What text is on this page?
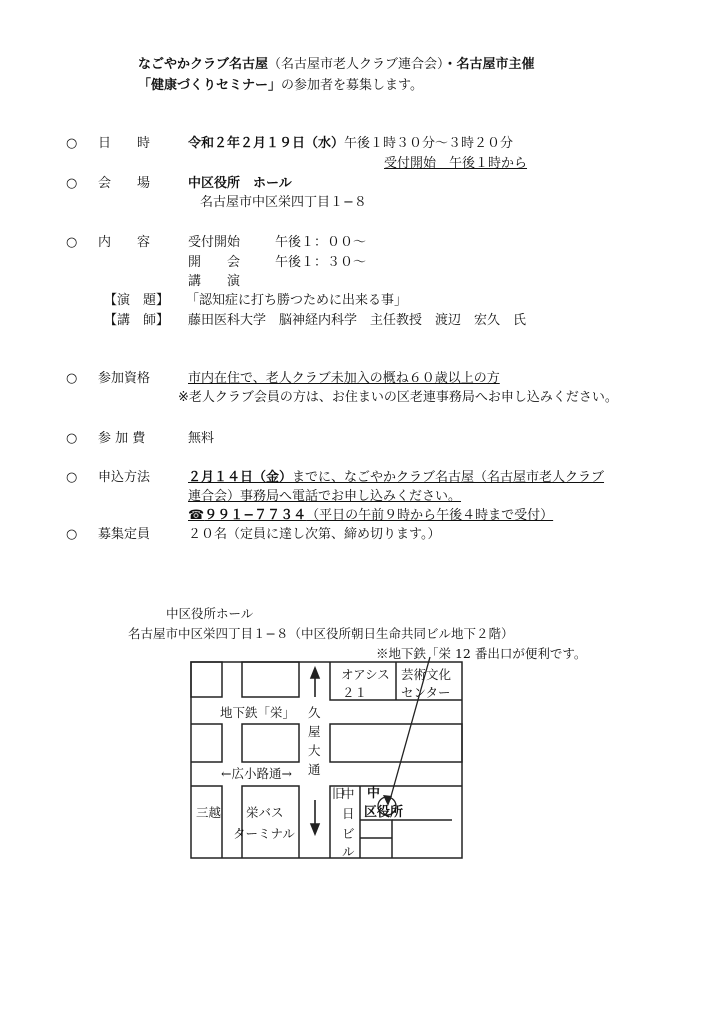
なごやかクラブ名古屋（名古屋市老人クラブ連合会）・名古屋市主催
「健康づくりセミナー」の参加者を募集します。
○ 日　　時	令和２年２月１９日（水）午後１時３０分〜３時２０分
受付開始　午後１時から
○ 会　　場	中区役所　ホール
名古屋市中区栄四丁目１−８
○ 内　　容	受付開始	午後１：００〜
開　　会	午後１：３０〜
講　　演
【演　題】 「認知症に打ち勝つために出来る事」
【講　師】 藤田医科大学　脳神経内科学　主任教授　渡辺　宏久　氏
○ 参加資格	市内在住で、老人クラブ未加入の概ね６０歳以上の方
※老人クラブ会員の方は、お住まいの区老連事務局へお申し込みください。
○ 参 加 費	無料
○ 申込方法	２月１４日（金）までに、なごやかクラブ名古屋（名古屋市老人クラブ
連合会）事務局へ電話でお申し込みください。
☎９９１−７７３４（平日の午前９時から午後４時まで受付）
○ 募集定員	２０名（定員に達し次第、締め切ります。）
中区役所ホール
名古屋市中区栄四丁目１−８（中区役所朝日生命共同ビル地下２階）
※地下鉄「栄 12 番出口が便利です。
オアシス
２１
芸術文化
センター
地下鉄「栄」 久
屋
大
通
←広小路通→
旧
中
日
ビ
ル
中
区役所
三越 栄バス
ターミナル
